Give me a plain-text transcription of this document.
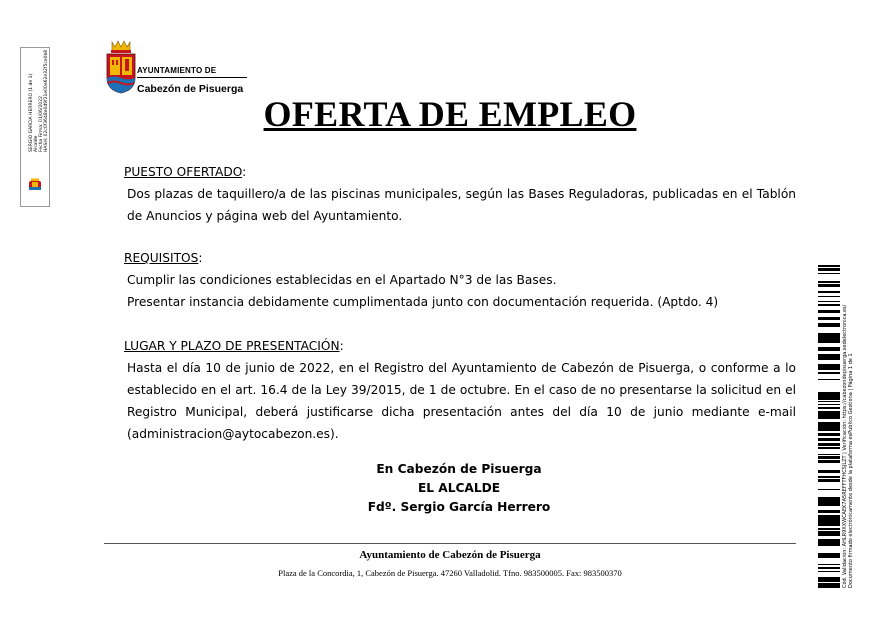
SERGIO GARCIA HERRERO (1 de 1) Alcalde Fecha Firma: 01/06/2022 HASH: 02c0f3648e0d9f21e00e62e32f5ce0b8	AYUNTAMIENTO DE
Cabezón de Pisuerga
OFERTA DE EMPLEO

PUESTO OFERTADO:

Dos plazas de taquillero/a de las piscinas municipales, según las Bases Reguladoras, publicadas en el Tablón de Anuncios y página web del Ayuntamiento.

REQUISITOS:

Cumplir las condiciones establecidas en el Apartado N°3 de las Bases.

Presentar instancia debidamente cumplimentada junto con documentación requerida. (Aptdo. 4)

LUGAR Y PLAZO DE PRESENTACIÓN:

Hasta el día 10 de junio de 2022, en el Registro del Ayuntamiento de Cabezón de Pisuerga, o conforme a lo establecido en el art. 16.4 de la Ley 39/2015, de 1 de octubre. En el caso de no presentarse la solicitud en el Registro Municipal, deberá justificarse dicha presentación antes del día 10 de junio mediante e-mail (administracion@aytocabezon.es).

En Cabezón de Pisuerga
EL ALCALDE
Fdº. Sergio García Herrero
Ayuntamiento de Cabezón de Pisuerga
Plaza de la Concordia, 1, Cabezón de Pisuerga. 47260 Valladolid. Tfno. 983500005. Fax: 983500370	Cód. Validación: AHLR9XXWCAEK7A5REFFTFHCSJLZT | Verificación: https://cabezondepisuerga.sedelectronica.es/ Documento firmado electrónicamente desde la plataforma esPublico Gestiona | Página 1 de 1
